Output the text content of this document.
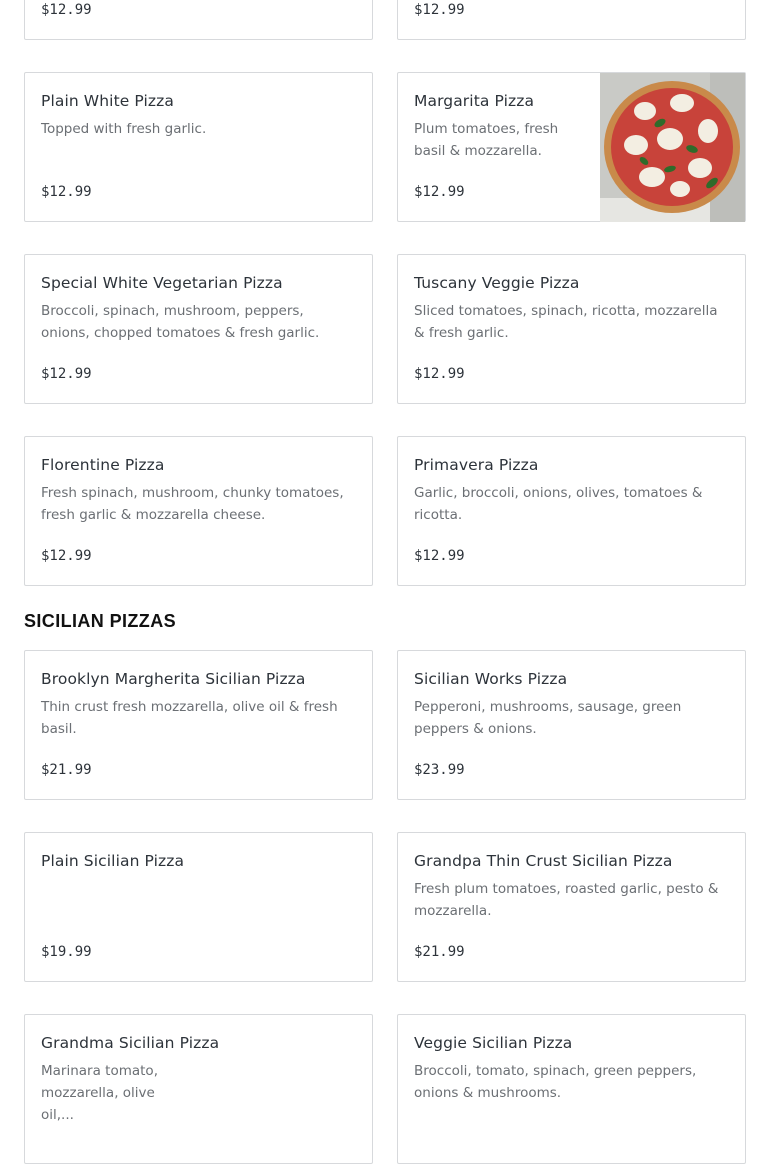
$12.99	$12.99
Plain White Pizza
Topped with fresh garlic.
$12.99
Margarita Pizza
Plum tomatoes, fresh basil & mozzarella.
$12.99
Special White Vegetarian Pizza
Broccoli, spinach, mushroom, peppers, onions, chopped tomatoes & fresh garlic.
$12.99
Tuscany Veggie Pizza
Sliced tomatoes, spinach, ricotta, mozzarella & fresh garlic.
$12.99
Florentine Pizza
Fresh spinach, mushroom, chunky tomatoes, fresh garlic & mozzarella cheese.
$12.99
Primavera Pizza
Garlic, broccoli, onions, olives, tomatoes & ricotta.
$12.99
SICILIAN PIZZAS
Brooklyn Margherita Sicilian Pizza
Thin crust fresh mozzarella, olive oil & fresh basil.
$21.99
Sicilian Works Pizza
Pepperoni, mushrooms, sausage, green peppers & onions.
$23.99
Plain Sicilian Pizza
$19.99
Grandpa Thin Crust Sicilian Pizza
Fresh plum tomatoes, roasted garlic, pesto & mozzarella.
$21.99
Grandma Sicilian Pizza
Marinara tomato, mozzarella, olive oil,...
Veggie Sicilian Pizza
Broccoli, tomato, spinach, green peppers, onions & mushrooms.
